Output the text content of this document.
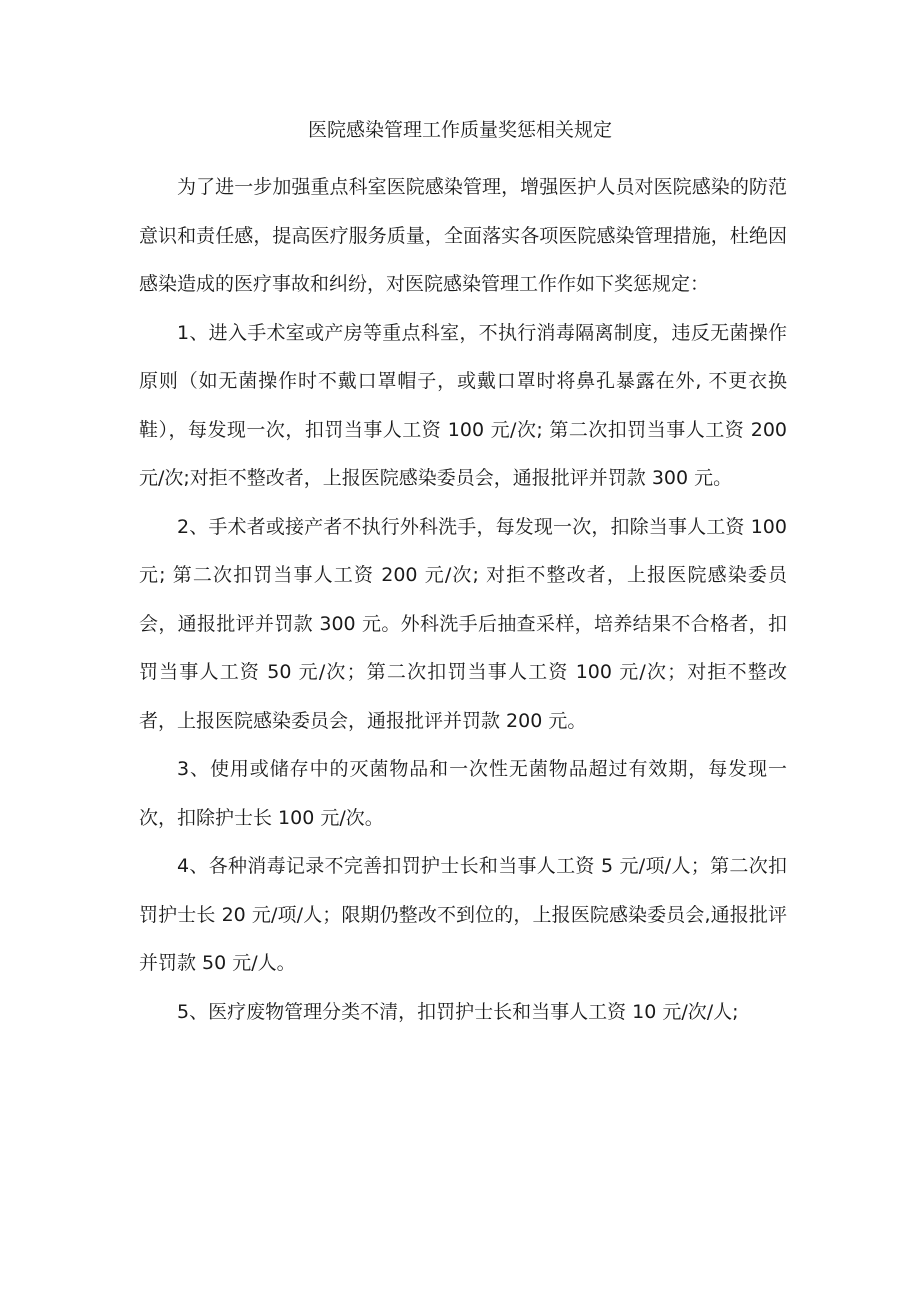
医院感染管理工作质量奖惩相关规定

为了进一步加强重点科室医院感染管理，增强医护人员对医院感染的防范意识和责任感，提高医疗服务质量，全面落实各项医院感染管理措施，杜绝因感染造成的医疗事故和纠纷，对医院感染管理工作作如下奖惩规定：

1、进入手术室或产房等重点科室，不执行消毒隔离制度，违反无菌操作原则（如无菌操作时不戴口罩帽子，或戴口罩时将鼻孔暴露在外, 不更衣换鞋），每发现一次，扣罚当事人工资 100 元/次; 第二次扣罚当事人工资 200 元/次;对拒不整改者，上报医院感染委员会，通报批评并罚款 300 元。

2、手术者或接产者不执行外科洗手，每发现一次，扣除当事人工资 100 元; 第二次扣罚当事人工资 200 元/次; 对拒不整改者，上报医院感染委员会，通报批评并罚款 300 元。外科洗手后抽查采样，培养结果不合格者，扣罚当事人工资 50 元/次；第二次扣罚当事人工资 100 元/次；对拒不整改者，上报医院感染委员会，通报批评并罚款 200 元。

3、使用或储存中的灭菌物品和一次性无菌物品超过有效期，每发现一次，扣除护士长 100 元/次。

4、各种消毒记录不完善扣罚护士长和当事人工资 5 元/项/人；第二次扣罚护士长 20 元/项/人；限期仍整改不到位的，上报医院感染委员会,通报批评并罚款 50 元/人。

5、医疗废物管理分类不清，扣罚护士长和当事人工资 10 元/次/人;
